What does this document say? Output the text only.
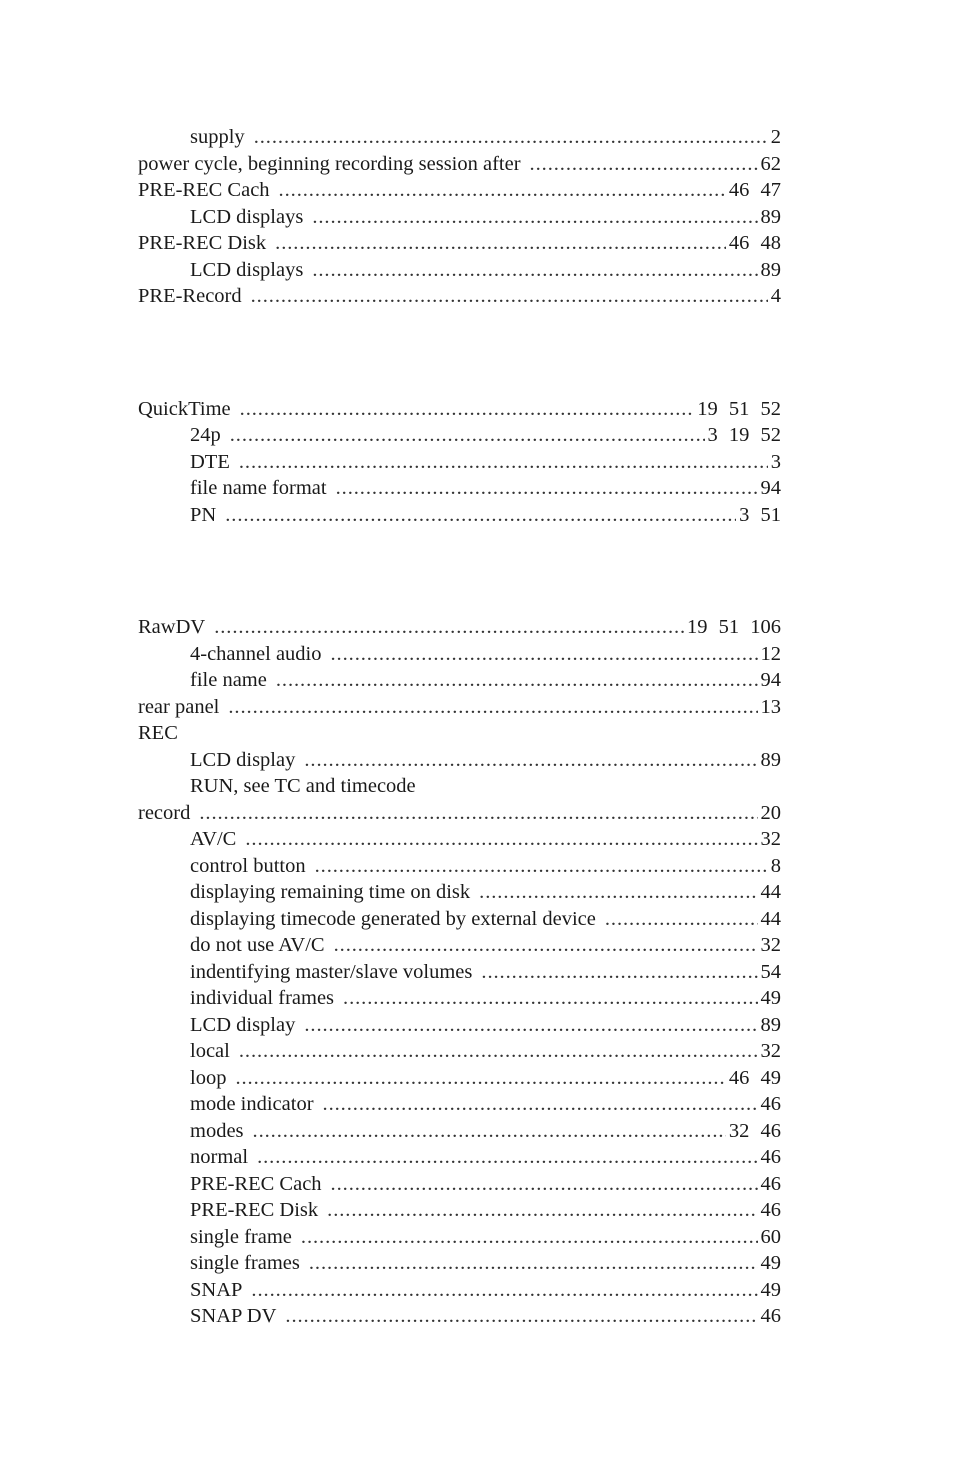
supply . . .	2
power cycle, beginning recording session after . . .	62
PRE-REC Cach . . .	46 47
LCD displays . . .	89
PRE-REC Disk . . .	46 48
LCD displays . . .	89
PRE-Record . . .	4
QuickTime . . .	19 51 52
24p . . .	3 19 52
DTE . . .	3
file name format . . .	94
PN . . .	3 51
RawDV . . .	19 51 106
4-channel audio . . .	12
file name . . .	94
rear panel . . .	13
REC
LCD display . . .	89
RUN, see TC and timecode
record . . .	20
AV/C . . .	32
control button . . .	8
displaying remaining time on disk . . .	44
displaying timecode generated by external device . . .	44
do not use AV/C . . .	32
indentifying master/slave volumes . . .	54
individual frames . . .	49
LCD display . . .	89
local . . .	32
loop . . .	46 49
mode indicator . . .	46
modes . . .	32 46
normal . . .	46
PRE-REC Cach . . .	46
PRE-REC Disk . . .	46
single frame . . .	60
single frames . . .	49
SNAP . . .	49
SNAP DV . . .	46
